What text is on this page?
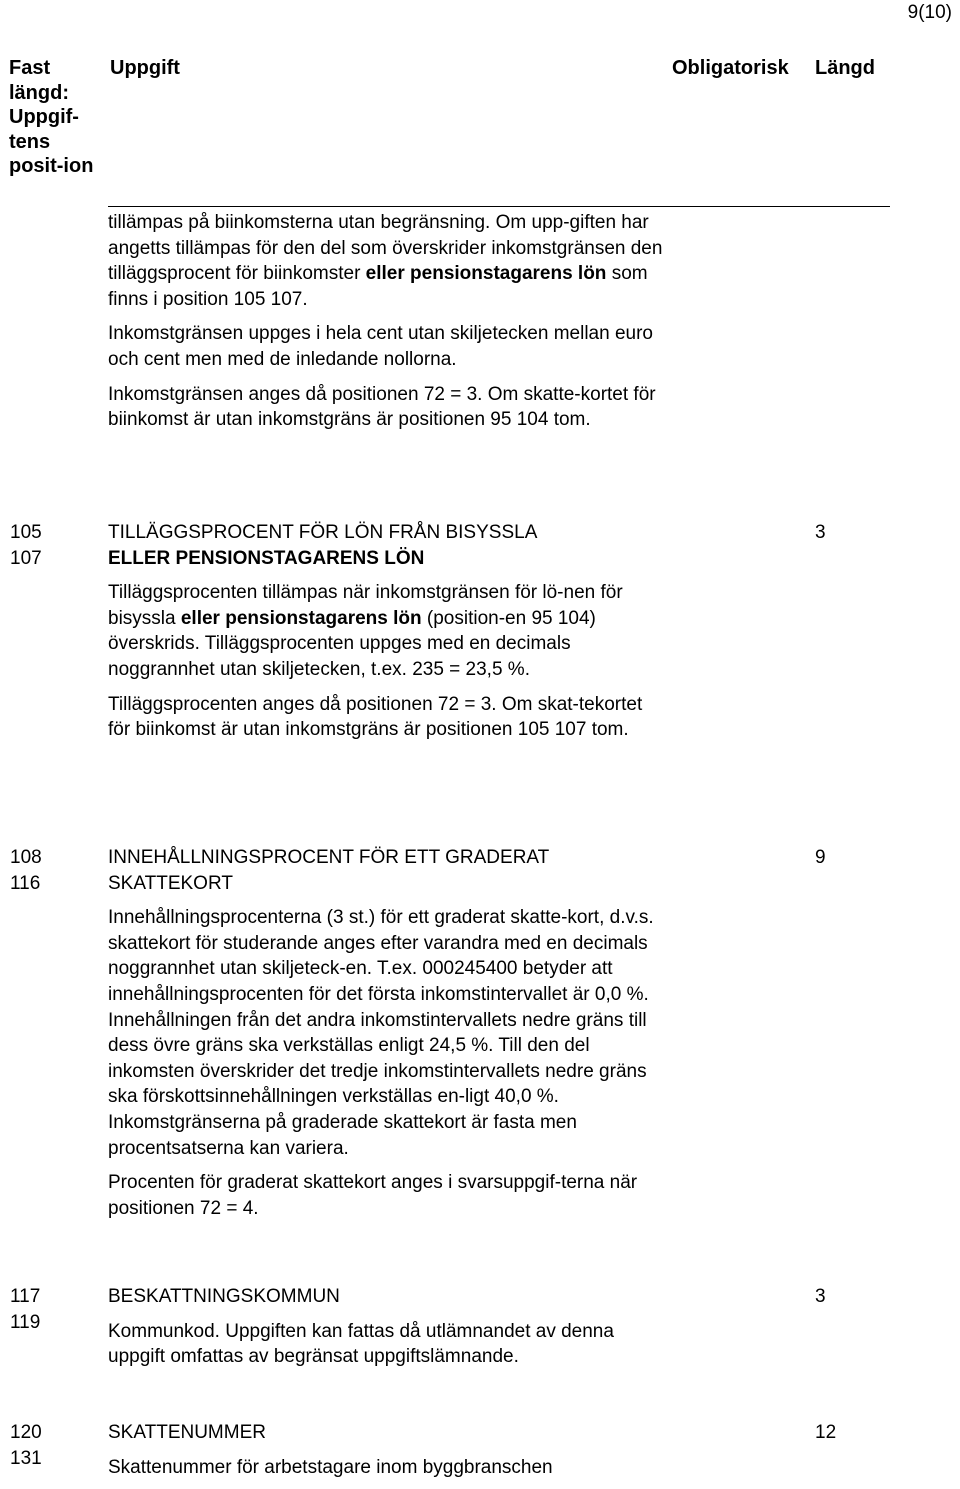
9(10)
Fast längd: Uppgif-tens posit-ion
Uppgift	Obligatorisk Längd

tillämpas på biinkomsterna utan begränsning. Om upp-giften har angetts tillämpas för den del som överskrider inkomstgränsen den tilläggsprocent för biinkomster eller pensionstagarens lön som finns i position 105 107.

Inkomstgränsen uppges i hela cent utan skiljetecken mellan euro och cent men med de inledande nollorna.

Inkomstgränsen anges då positionen 72 = 3. Om skatte-kortet för biinkomst är utan inkomstgräns är positionen 95 104 tom.

105
107
TILLÄGGSPROCENT FÖR LÖN FRÅN BISYSSLA
ELLER PENSIONSTAGARENS LÖN

Tilläggsprocenten tillämpas när inkomstgränsen för lö-nen för bisyssla eller pensionstagarens lön (position-en 95 104) överskrids. Tilläggsprocenten uppges med en decimals noggrannhet utan skiljetecken, t.ex. 235 = 23,5 %.

Tilläggsprocenten anges då positionen 72 = 3. Om skat-tekortet för biinkomst är utan inkomstgräns är positionen 105 107 tom.

3
108
116
INNEHÅLLNINGSPROCENT FÖR ETT GRADERAT
SKATTEKORT

Innehållningsprocenterna (3 st.) för ett graderat skatte-kort, d.v.s. skattekort för studerande anges efter varandra med en decimals noggrannhet utan skiljeteck-en. T.ex. 000245400 betyder att innehållningsprocenten för det första inkomstintervallet är 0,0 %. Innehållningen från det andra inkomstintervallets nedre gräns till dess övre gräns ska verkställas enligt 24,5 %. Till den del inkomsten överskrider det tredje inkomstintervallets nedre gräns ska förskottsinnehållningen verkställas en-ligt 40,0 %. Inkomstgränserna på graderade skattekort är fasta men procentsatserna kan variera.

Procenten för graderat skattekort anges i svarsuppgif-terna när positionen 72 = 4.

9
117
119
BESKATTNINGSKOMMUN

Kommunkod. Uppgiften kan fattas då utlämnandet av denna uppgift omfattas av begränsat uppgiftslämnande.

3
120
131
SKATTENUMMER

Skattenummer för arbetstagare inom byggbranschen

12
